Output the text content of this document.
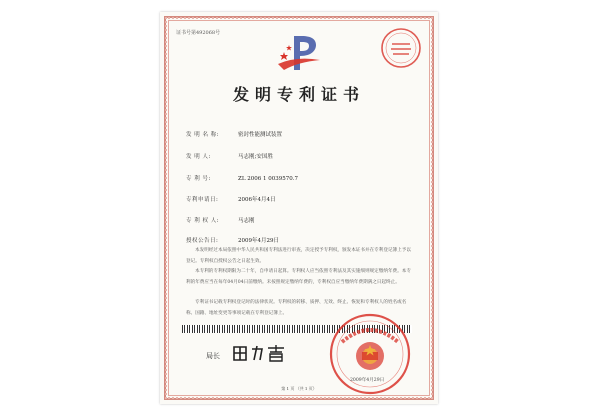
证书号第492068号
发明专利证书
发 明 名 称:	密封性能测试装置
发 明 人:	马志刚;安国胜
专 利 号:	ZL 2006 1 0039570.7
专利申请日:	2006年4月4日
专 利 权 人:	马志刚
授权公告日:	2009年4月29日
本发明经过本局依照中华人民共和国专利法进行审查，决定授予专利权，颁发本证书并在专利登记簿上予以登记。专利权自授权公告之日起生效。
本专利的专利权期限为二十年，自申请日起算。专利权人应当依照专利法及其实施细则规定缴纳年费。本专利的年费应当在每年04月04日前缴纳。未按照规定缴纳年费的，专利权自应当缴纳年费期满之日起终止。
专利证书记载专利权登记时的法律状况。专利权的转移、质押、无效、终止、恢复和专利权人的姓名或名称、国籍、地址变更等事项记载在专利登记簿上。
局长
2009年4月29日
第 1 页 （共 1 页）
